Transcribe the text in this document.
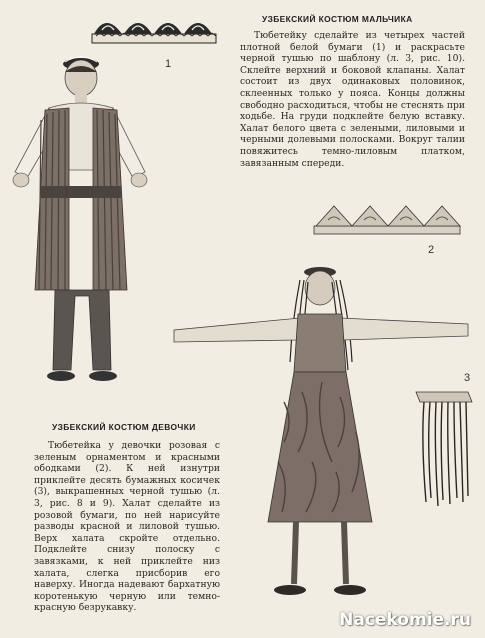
1
УЗБЕКСКИЙ КОСТЮМ МАЛЬЧИКА

Тюбетейку сделайте из четырех частей плотной белой бумаги (1) и раскрасьте черной тушью по шаблону (л. 3, рис. 10). Склейте верхний и боковой клапаны. Халат состоит из двух одинаковых половинок, склеенных только у пояса. Концы должны свободно расходиться, чтобы не стеснять при ходьбе. На груди подклейте белую вставку. Халат белого цвета с зелеными, лиловыми и черными долевыми полосками. Вокруг талии повяжитесь темно-лиловым платком, завязанным спереди.

2
3
УЗБЕКСКИЙ КОСТЮМ ДЕВОЧКИ

Тюбетейка у девочки розовая с зеленым орнаментом и красными ободками (2). К ней изнутри приклейте десять бумажных косичек (3), выкрашенных черной тушью (л. 3, рис. 8 и 9). Халат сделайте из розовой бумаги, по ней нарисуйте разводы красной и лиловой тушью. Верх халата скройте отдельно. Подклейте снизу полоску с завязками, к ней приклейте низ халата, слегка присборив его наверху. Иногда надевают бархатную коротенькую черную или темно-красную безрукавку.

Nacekomie.ru
